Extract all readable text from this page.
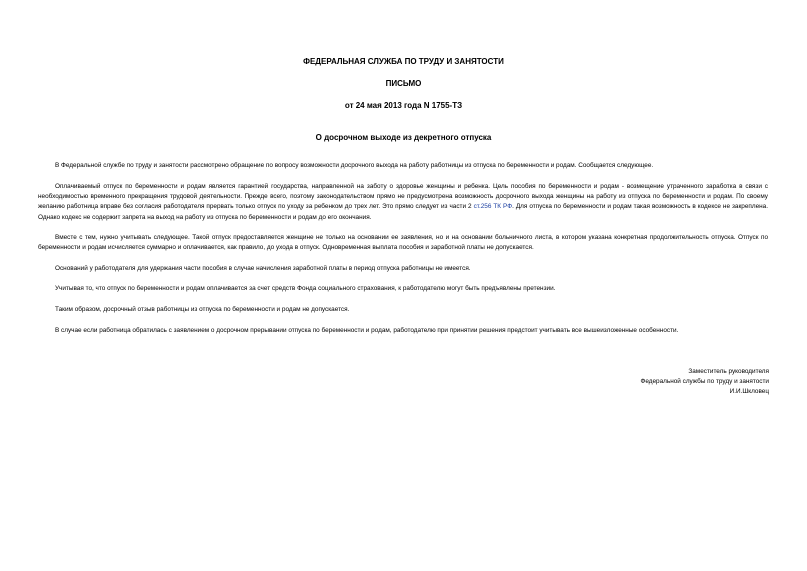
ФЕДЕРАЛЬНАЯ СЛУЖБА ПО ТРУДУ И ЗАНЯТОСТИ
ПИСЬМО
от 24 мая 2013 года N 1755-ТЗ
О досрочном выходе из декретного отпуска
В Федеральной службе по труду и занятости рассмотрено обращение по вопросу возможности досрочного выхода на работу работницы из отпуска по беременности и родам. Сообщается следующее.
Оплачиваемый отпуск по беременности и родам является гарантией государства, направленной на заботу о здоровье женщины и ребенка. Цель пособия по беременности и родам - возмещение утраченного заработка в связи с необходимостью временного прекращения трудовой деятельности. Прежде всего, поэтому законодательством прямо не предусмотрена возможность досрочного выхода женщины на работу из отпуска по беременности и родам. По своему желанию работница вправе без согласия работодателя прервать только отпуск по уходу за ребенком до трех лет. Это прямо следует из части 2 ст.256 ТК РФ. Для отпуска по беременности и родам такая возможность в кодексе не закреплена. Однако кодекс не содержит запрета на выход на работу из отпуска по беременности и родам до его окончания.
Вместе с тем, нужно учитывать следующее. Такой отпуск предоставляется женщине не только на основании ее заявления, но и на основании больничного листа, в котором указана конкретная продолжительность отпуска. Отпуск по беременности и родам исчисляется суммарно и оплачивается, как правило, до ухода в отпуск. Одновременная выплата пособия и заработной платы не допускается.
Оснований у работодателя для удержания части пособия в случае начисления заработной платы в период отпуска работницы не имеется.
Учитывая то, что отпуск по беременности и родам оплачивается за счет средств Фонда социального страхования, к работодателю могут быть предъявлены претензии.
Таким образом, досрочный отзыв работницы из отпуска по беременности и родам не допускается.
В случае если работница обратилась с заявлением о досрочном прерывании отпуска по беременности и родам, работодателю при принятии решения предстоит учитывать все вышеизложенные особенности.
Заместитель руководителя
Федеральной службы по труду и занятости
И.И.Шкловец
